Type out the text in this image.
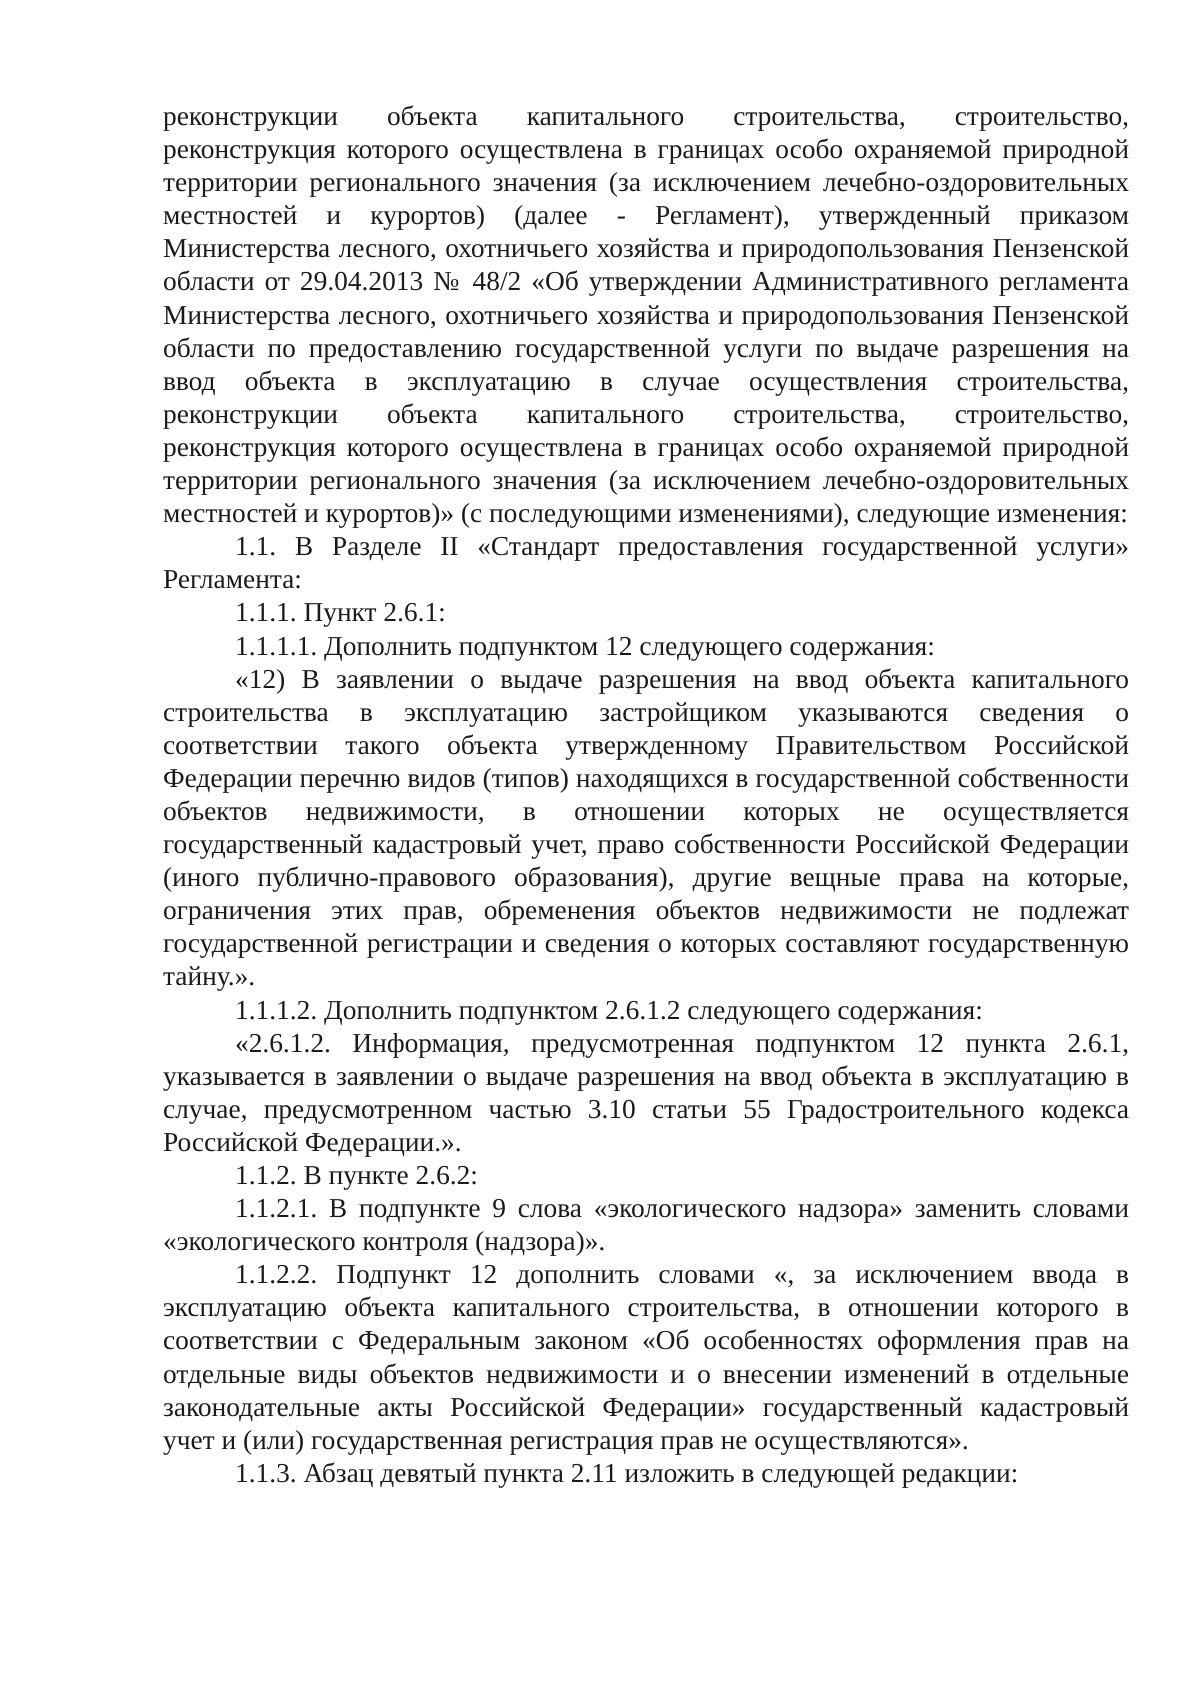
реконструкции объекта капитального строительства, строительство, реконструкция которого осуществлена в границах особо охраняемой природной территории регионального значения (за исключением лечебно-оздоровительных местностей и курортов) (далее - Регламент), утвержденный приказом Министерства лесного, охотничьего хозяйства и природопользования Пензенской области от 29.04.2013 № 48/2 «Об утверждении Административного регламента Министерства лесного, охотничьего хозяйства и природопользования Пензенской области по предоставлению государственной услуги по выдаче разрешения на ввод объекта в эксплуатацию в случае осуществления строительства, реконструкции объекта капитального строительства, строительство, реконструкция которого осуществлена в границах особо охраняемой природной территории регионального значения (за исключением лечебно-оздоровительных местностей и курортов)» (с последующими изменениями), следующие изменения:

1.1. В Разделе II «Стандарт предоставления государственной услуги» Регламента:

1.1.1. Пункт 2.6.1:

1.1.1.1. Дополнить подпунктом 12 следующего содержания:

«12) В заявлении о выдаче разрешения на ввод объекта капитального строительства в эксплуатацию застройщиком указываются сведения о соответствии такого объекта утвержденному Правительством Российской Федерации перечню видов (типов) находящихся в государственной собственности объектов недвижимости, в отношении которых не осуществляется государственный кадастровый учет, право собственности Российской Федерации (иного публично-правового образования), другие вещные права на которые, ограничения этих прав, обременения объектов недвижимости не подлежат государственной регистрации и сведения о которых составляют государственную тайну.».

1.1.1.2. Дополнить подпунктом 2.6.1.2 следующего содержания:

«2.6.1.2. Информация, предусмотренная подпунктом 12 пункта 2.6.1, указывается в заявлении о выдаче разрешения на ввод объекта в эксплуатацию в случае, предусмотренном частью 3.10 статьи 55 Градостроительного кодекса Российской Федерации.».

1.1.2. В пункте 2.6.2:

1.1.2.1. В подпункте 9 слова «экологического надзора» заменить словами «экологического контроля (надзора)».

1.1.2.2. Подпункт 12 дополнить словами «, за исключением ввода в эксплуатацию объекта капитального строительства, в отношении которого в соответствии с Федеральным законом «Об особенностях оформления прав на отдельные виды объектов недвижимости и о внесении изменений в отдельные законодательные акты Российской Федерации» государственный кадастровый учет и (или) государственная регистрация прав не осуществляются».

1.1.3. Абзац девятый пункта 2.11 изложить в следующей редакции:
